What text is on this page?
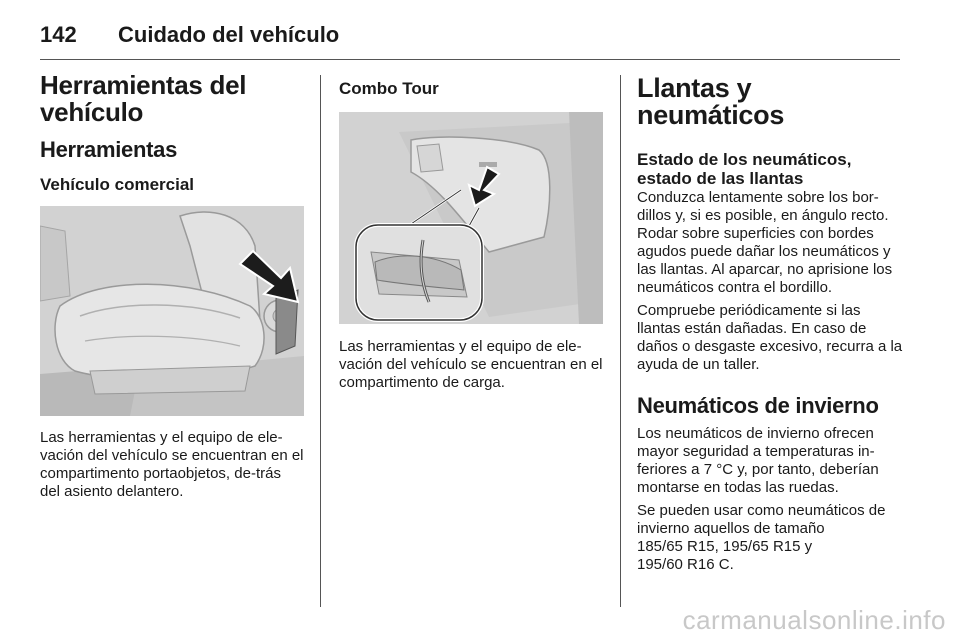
142 Cuidado del vehículo
Herramientas del vehículo
Herramientas
Vehículo comercial

Las herramientas y el equipo de ele-vación del vehículo se encuentran en el compartimento portaobjetos, de-trás del asiento delantero.

Combo Tour

Las herramientas y el equipo de ele-vación del vehículo se encuentran en el compartimento de carga.

Llantas y neumáticos
Estado de los neumáticos, estado de las llantas

Conduzca lentamente sobre los bor-dillos y, si es posible, en ángulo recto. Rodar sobre superficies con bordes agudos puede dañar los neumáticos y las llantas. Al aparcar, no aprisione los neumáticos contra el bordillo.

Compruebe periódicamente si las llantas están dañadas. En caso de daños o desgaste excesivo, recurra a la ayuda de un taller.

Neumáticos de invierno

Los neumáticos de invierno ofrecen mayor seguridad a temperaturas in-feriores a 7 °C y, por tanto, deberían montarse en todas las ruedas.

Se pueden usar como neumáticos de invierno aquellos de tamaño

185/65 R15, 195/65 R15 y

195/60 R16 C.

carmanualsonline.info
